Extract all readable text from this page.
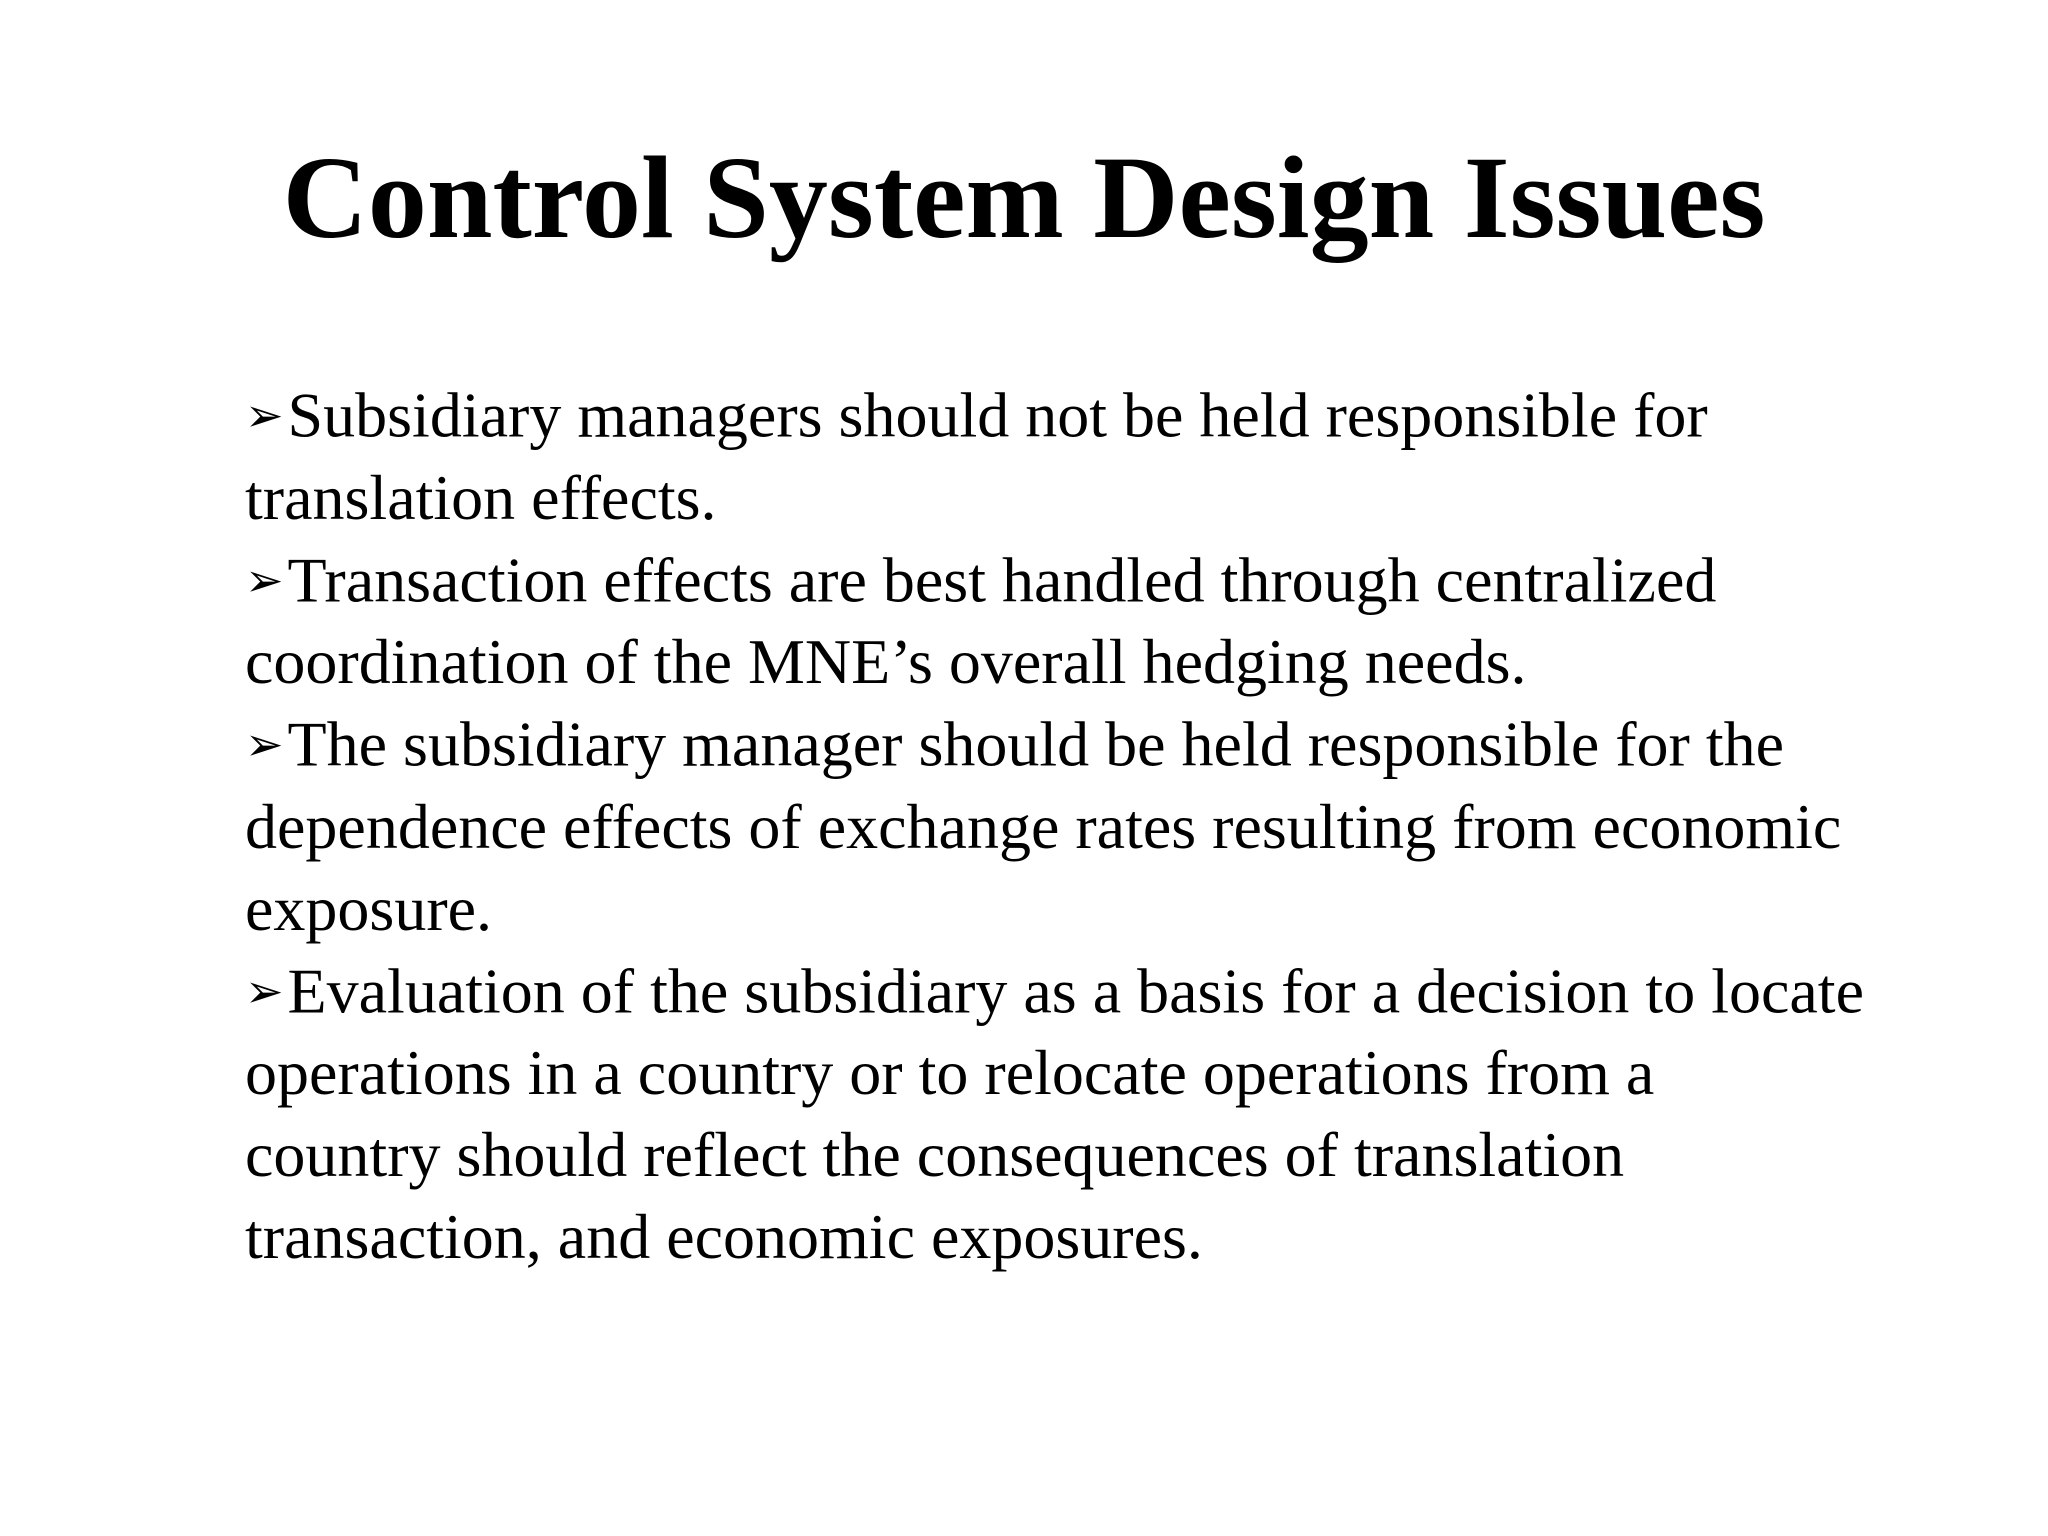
Control System Design Issues
➢Subsidiary managers should not be held responsible for translation effects.
➢Transaction effects are best handled through centralized coordination of the MNE’s overall hedging needs.
➢The subsidiary manager should be held responsible for the dependence effects of exchange rates resulting from economic exposure.
➢Evaluation of the subsidiary as a basis for a decision to locate operations in a country or to relocate operations from a country should reflect the consequences of translation transaction, and economic exposures.
